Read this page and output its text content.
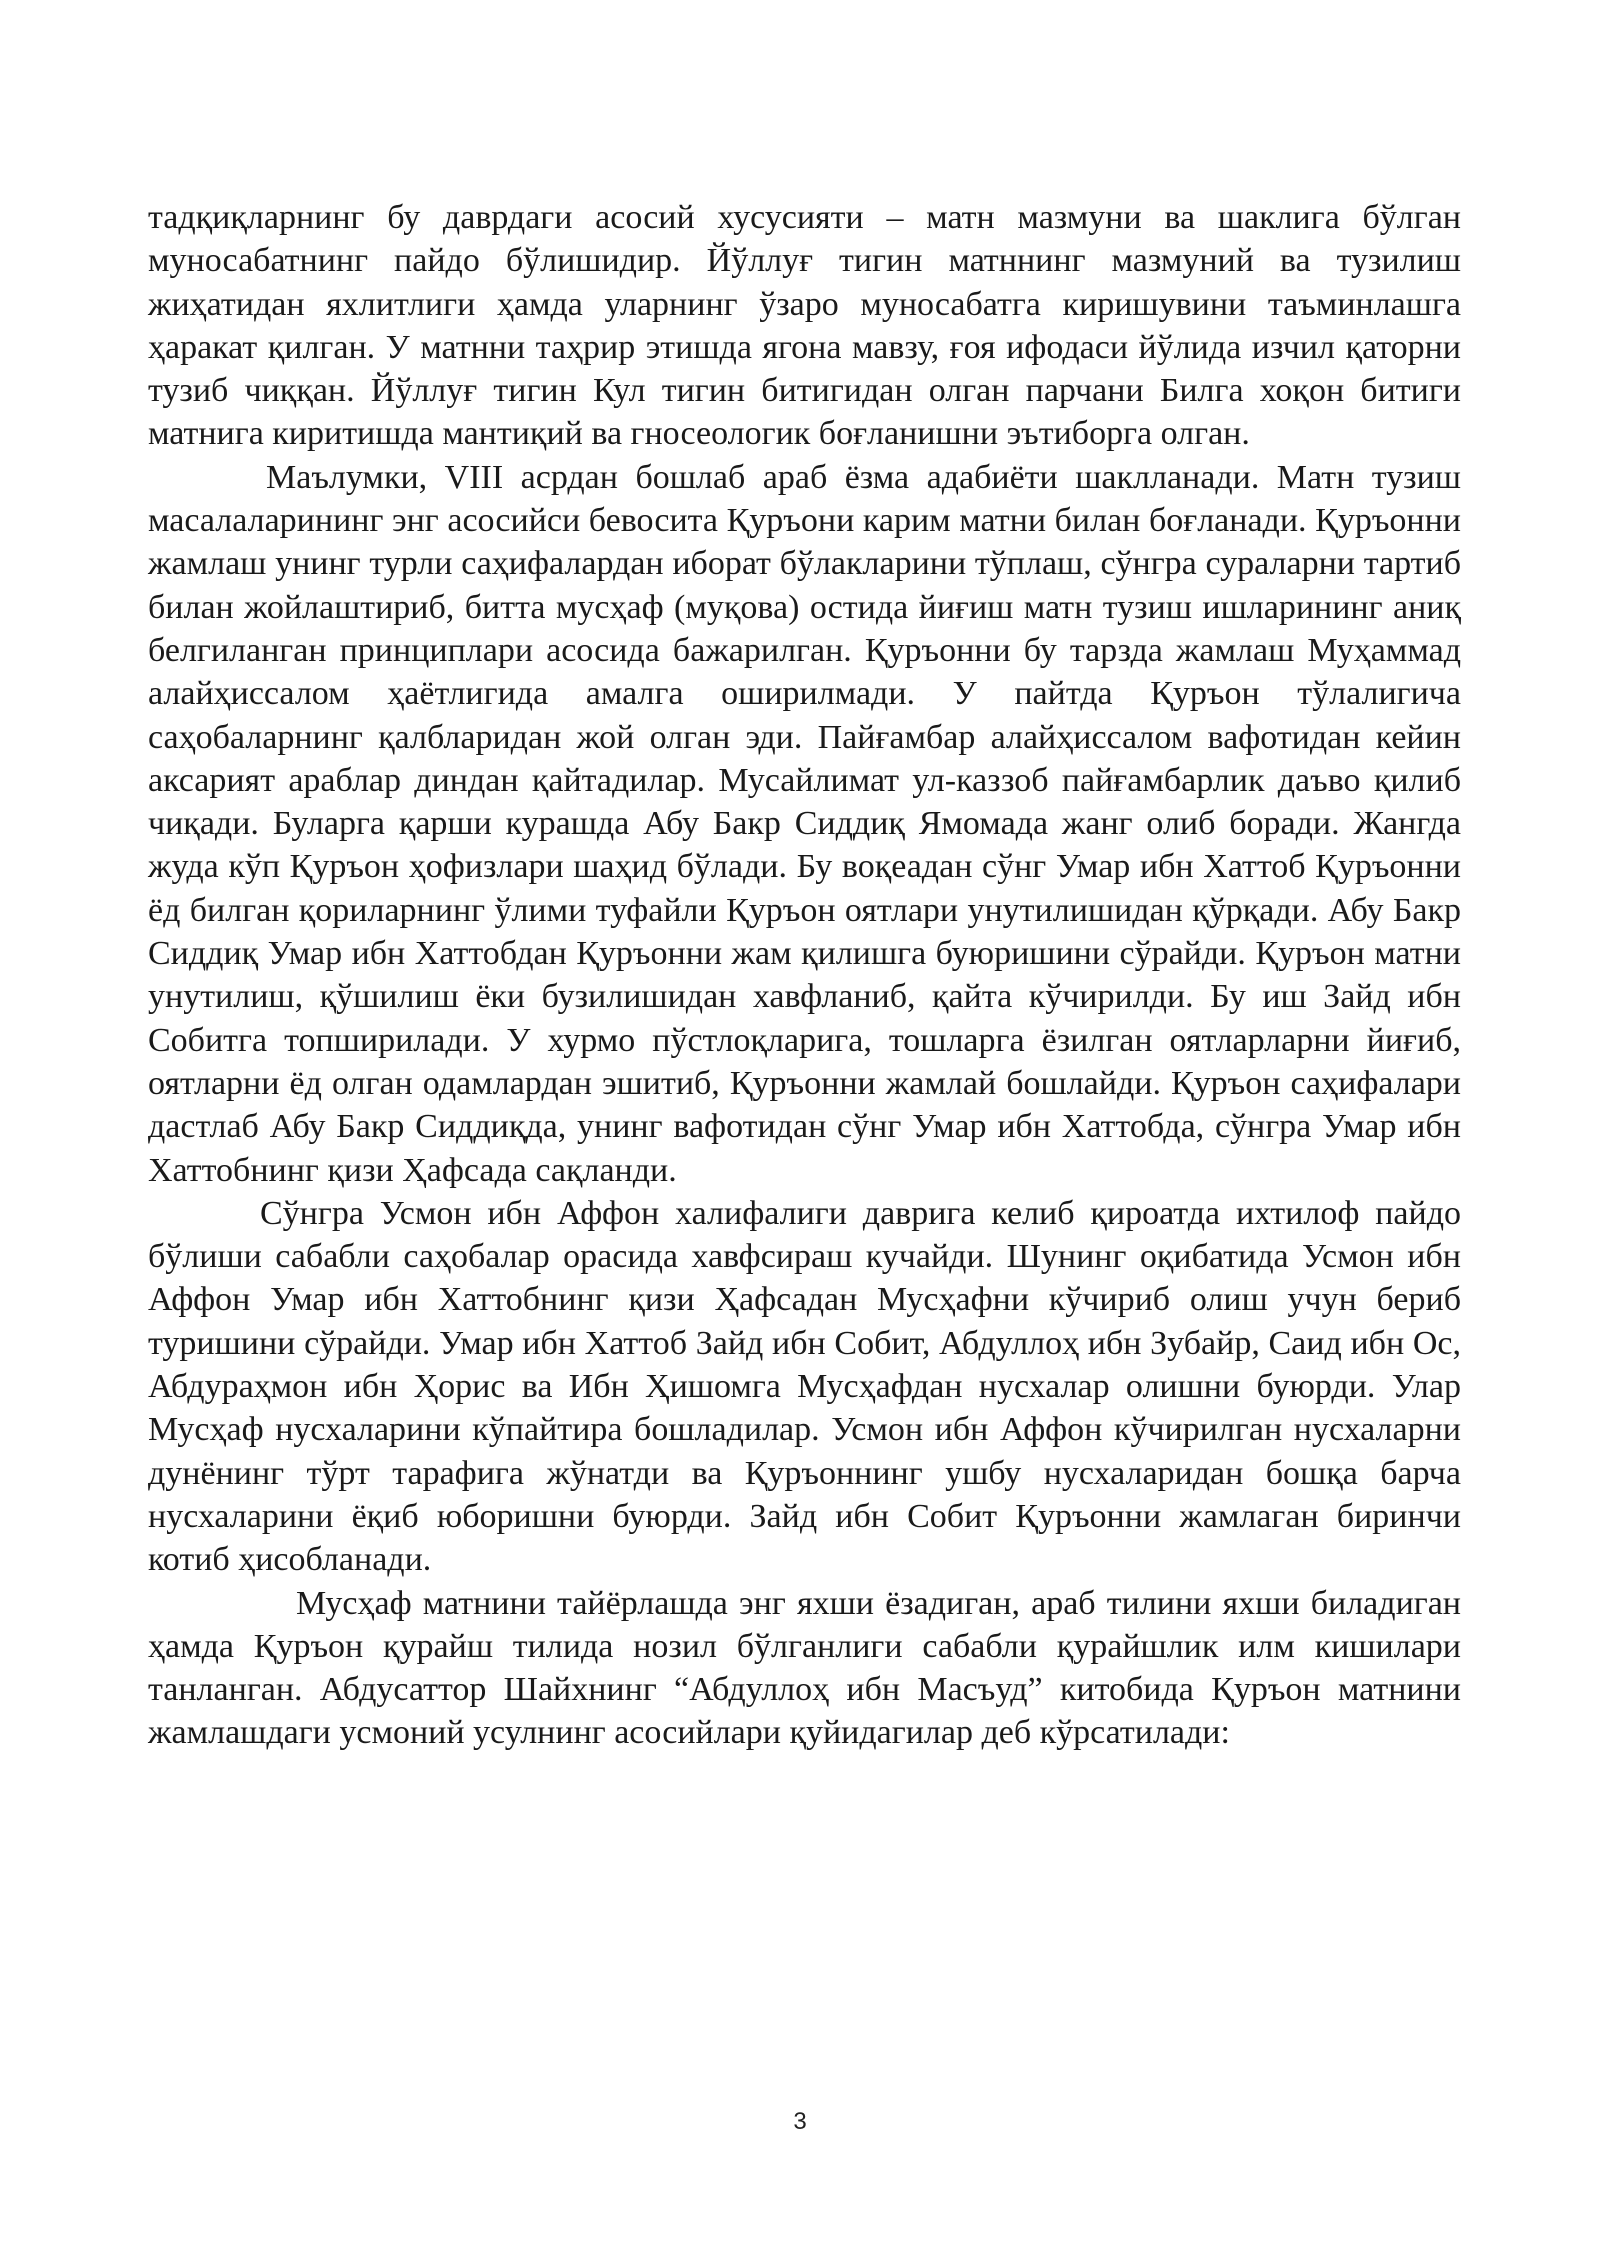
тадқиқларнинг бу даврдаги асосий хусусияти – матн мазмуни ва шаклига бўлган муносабатнинг пайдо бўлишидир. Йўллуғ тигин матннинг мазмуний ва тузилиш жиҳатидан яхлитлиги ҳамда уларнинг ўзаро муносабатга киришувини таъминлашга ҳаракат қилган. У матнни таҳрир этишда ягона мавзу, ғоя ифодаси йўлида изчил қаторни тузиб чиққан. Йўллуғ тигин Кул тигин битигидан олган парчани Билга хоқон битиги матнига киритишда мантиқий ва гносеологик боғланишни эътиборга олган.

Маълумки, VIII асрдан бошлаб араб ёзма адабиёти шаклланади. Матн тузиш масалаларининг энг асосийси бевосита Қуръони карим матни билан боғланади. Қуръонни жамлаш унинг турли саҳифалардан иборат бўлакларини тўплаш, сўнгра сураларни тартиб билан жойлаштириб, битта мусҳаф (муқова) остида йиғиш матн тузиш ишларининг аниқ белгиланган принциплари асосида бажарилган. Қуръонни бу тарзда жамлаш Муҳаммад алайҳиссалом ҳаётлигида амалга оширилмади. У пайтда Қуръон тўлалигича саҳобаларнинг қалбларидан жой олган эди. Пайғамбар алайҳиссалом вафотидан кейин аксарият араблар диндан қайтадилар. Мусайлимат ул-каззоб пайғамбарлик даъво қилиб чиқади. Буларга қарши курашда Абу Бакр Сиддиқ Ямомада жанг олиб боради. Жангда жуда кўп Қуръон ҳофизлари шаҳид бўлади. Бу воқеадан сўнг Умар ибн Хаттоб Қуръонни ёд билган қориларнинг ўлими туфайли Қуръон оятлари унутилишидан қўрқади. Абу Бакр Сиддиқ Умар ибн Хаттобдан Қуръонни жам қилишга буюришини сўрайди. Қуръон матни унутилиш, қўшилиш ёки бузилишидан хавфланиб, қайта кўчирилди. Бу иш Зайд ибн Собитга топширилади. У хурмо пўстлоқларига, тошларга ёзилган оятларларни йиғиб, оятларни ёд олган одамлардан эшитиб, Қуръонни жамлай бошлайди. Қуръон саҳифалари дастлаб Абу Бакр Сиддиқда, унинг вафотидан сўнг Умар ибн Хаттобда, сўнгра Умар ибн Хаттобнинг қизи Ҳафсада сақланди.

Сўнгра Усмон ибн Аффон халифалиги даврига келиб қироатда ихтилоф пайдо бўлиши сабабли саҳобалар орасида хавфсираш кучайди. Шунинг оқибатида Усмон ибн Аффон Умар ибн Хаттобнинг қизи Ҳафсадан Мусҳафни кўчириб олиш учун бериб туришини сўрайди. Умар ибн Хаттоб Зайд ибн Собит, Абдуллоҳ ибн Зубайр, Саид ибн Ос, Абдураҳмон ибн Ҳорис ва Ибн Ҳишомга Мусҳафдан нусхалар олишни буюрди. Улар Мусҳаф нусхаларини кўпайтира бошладилар. Усмон ибн Аффон кўчирилган нусхаларни дунёнинг тўрт тарафига жўнатди ва Қуръоннинг ушбу нусхаларидан бошқа барча нусхаларини ёқиб юборишни буюрди. Зайд ибн Собит Қуръонни жамлаган биринчи котиб ҳисобланади.

Мусҳаф матнини тайёрлашда энг яхши ёзадиган, араб тилини яхши биладиган ҳамда Қуръон қурайш тилида нозил бўлганлиги сабабли қурайшлик илм кишилари танланган. Абдусаттор Шайхнинг “Абдуллоҳ ибн Масъуд” китобида Қуръон матнини жамлашдаги усмоний усулнинг асосийлари қуйидагилар деб кўрсатилади:

3
